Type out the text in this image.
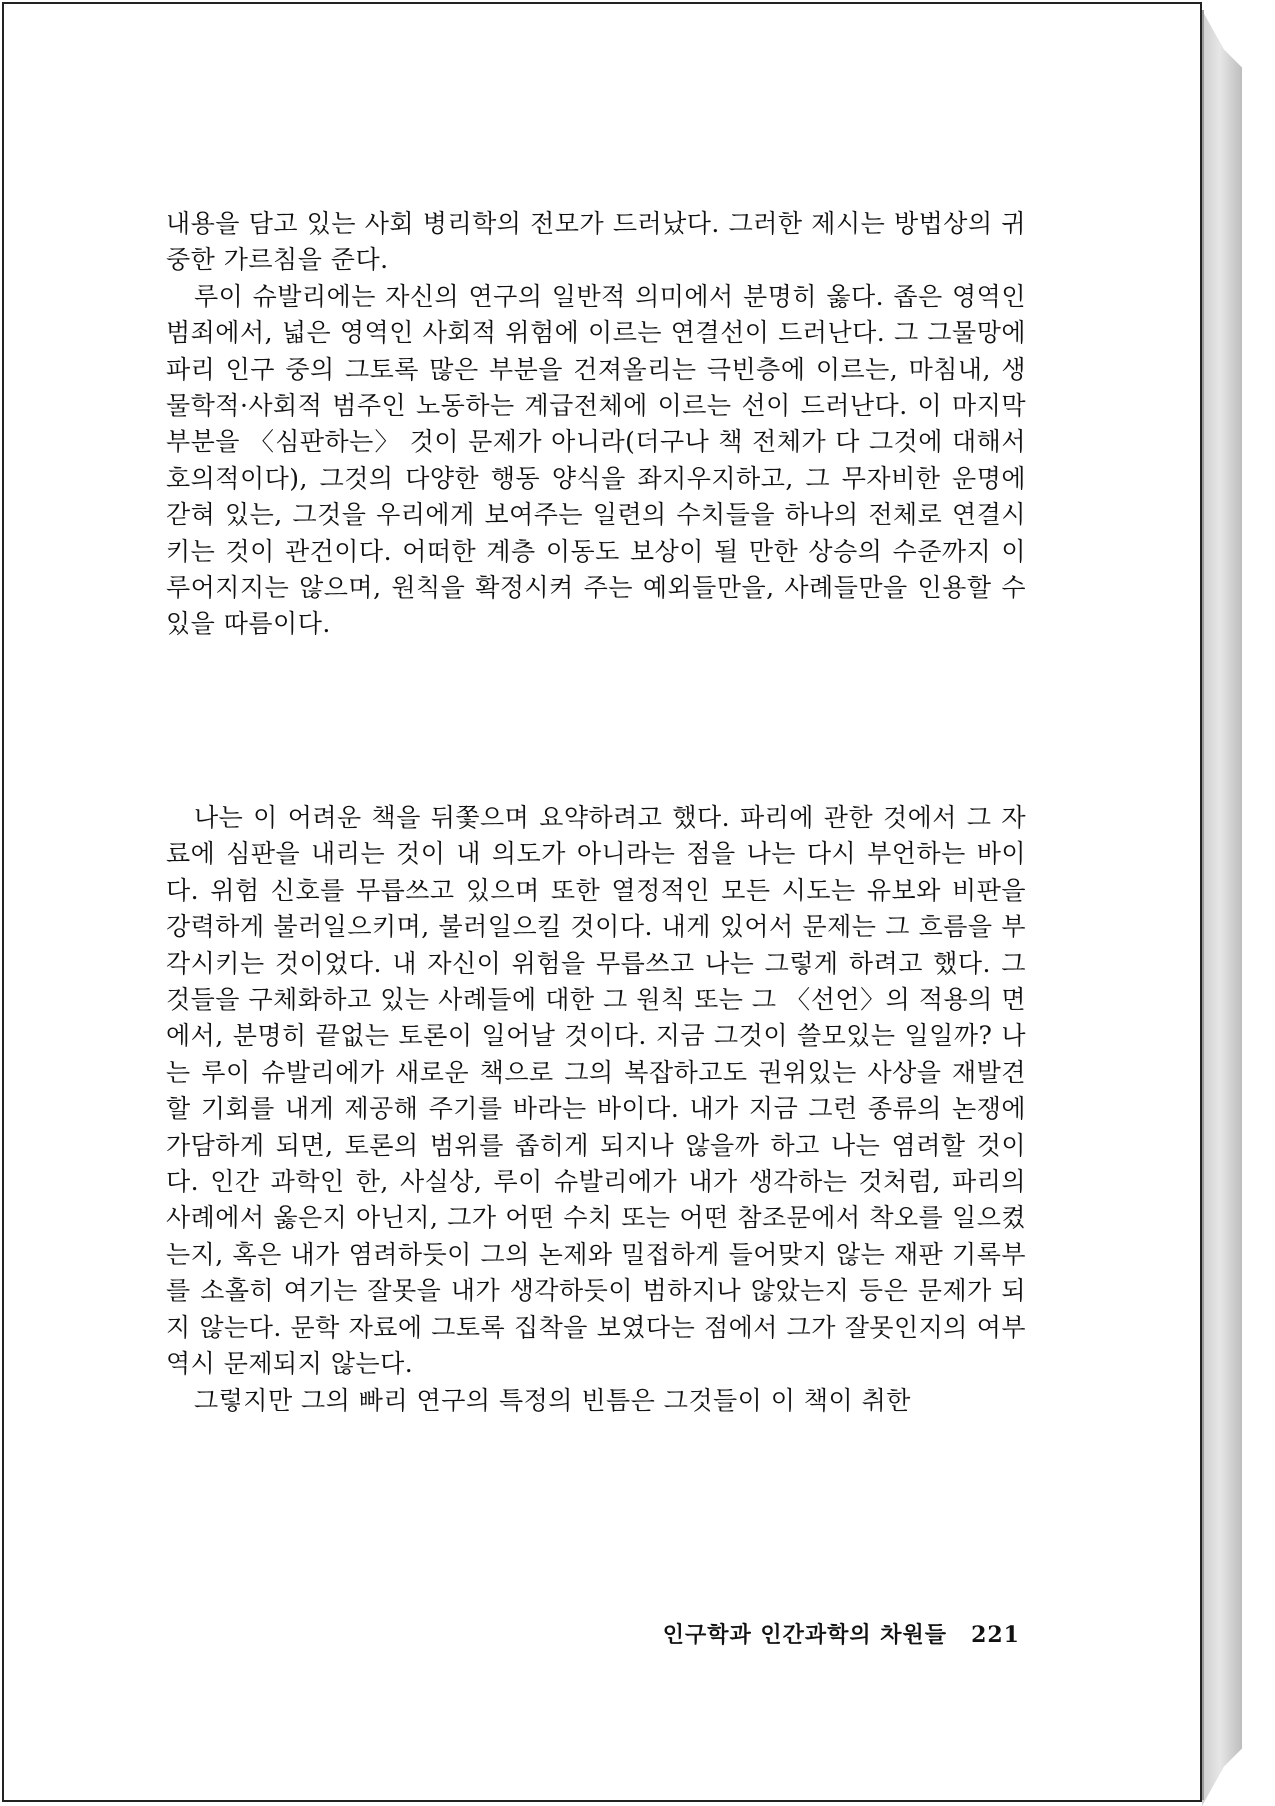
내용을 담고 있는 사회 병리학의 전모가 드러났다. 그러한 제시는 방법상의 귀중한 가르침을 준다.

루이 슈발리에는 자신의 연구의 일반적 의미에서 분명히 옳다. 좁은 영역인 범죄에서, 넓은 영역인 사회적 위험에 이르는 연결선이 드러난다. 그 그물망에 파리 인구 중의 그토록 많은 부분을 건져올리는 극빈층에 이르는, 마침내, 생물학적·사회적 범주인 노동하는 계급전체에 이르는 선이 드러난다. 이 마지막 부분을 〈심판하는〉 것이 문제가 아니라(더구나 책 전체가 다 그것에 대해서 호의적이다), 그것의 다양한 행동 양식을 좌지우지하고, 그 무자비한 운명에 갇혀 있는, 그것을 우리에게 보여주는 일련의 수치들을 하나의 전체로 연결시키는 것이 관건이다. 어떠한 계층 이동도 보상이 될 만한 상승의 수준까지 이루어지지는 않으며, 원칙을 확정시켜 주는 예외들만을, 사례들만을 인용할 수 있을 따름이다.

나는 이 어려운 책을 뒤쫓으며 요약하려고 했다. 파리에 관한 것에서 그 자료에 심판을 내리는 것이 내 의도가 아니라는 점을 나는 다시 부언하는 바이다. 위험 신호를 무릅쓰고 있으며 또한 열정적인 모든 시도는 유보와 비판을 강력하게 불러일으키며, 불러일으킬 것이다. 내게 있어서 문제는 그 흐름을 부각시키는 것이었다. 내 자신이 위험을 무릅쓰고 나는 그렇게 하려고 했다. 그것들을 구체화하고 있는 사례들에 대한 그 원칙 또는 그 〈선언〉의 적용의 면에서, 분명히 끝없는 토론이 일어날 것이다. 지금 그것이 쓸모있는 일일까? 나는 루이 슈발리에가 새로운 책으로 그의 복잡하고도 권위있는 사상을 재발견할 기회를 내게 제공해 주기를 바라는 바이다. 내가 지금 그런 종류의 논쟁에 가담하게 되면, 토론의 범위를 좁히게 되지나 않을까 하고 나는 염려할 것이다. 인간 과학인 한, 사실상, 루이 슈발리에가 내가 생각하는 것처럼, 파리의 사례에서 옳은지 아닌지, 그가 어떤 수치 또는 어떤 참조문에서 착오를 일으켰는지, 혹은 내가 염려하듯이 그의 논제와 밀접하게 들어맞지 않는 재판 기록부를 소홀히 여기는 잘못을 내가 생각하듯이 범하지나 않았는지 등은 문제가 되지 않는다. 문학 자료에 그토록 집착을 보였다는 점에서 그가 잘못인지의 여부 역시 문제되지 않는다.

그렇지만 그의 빠리 연구의 특정의 빈틈은 그것들이 이 책이 취한

인구학과 인간과학의 차원들 221
